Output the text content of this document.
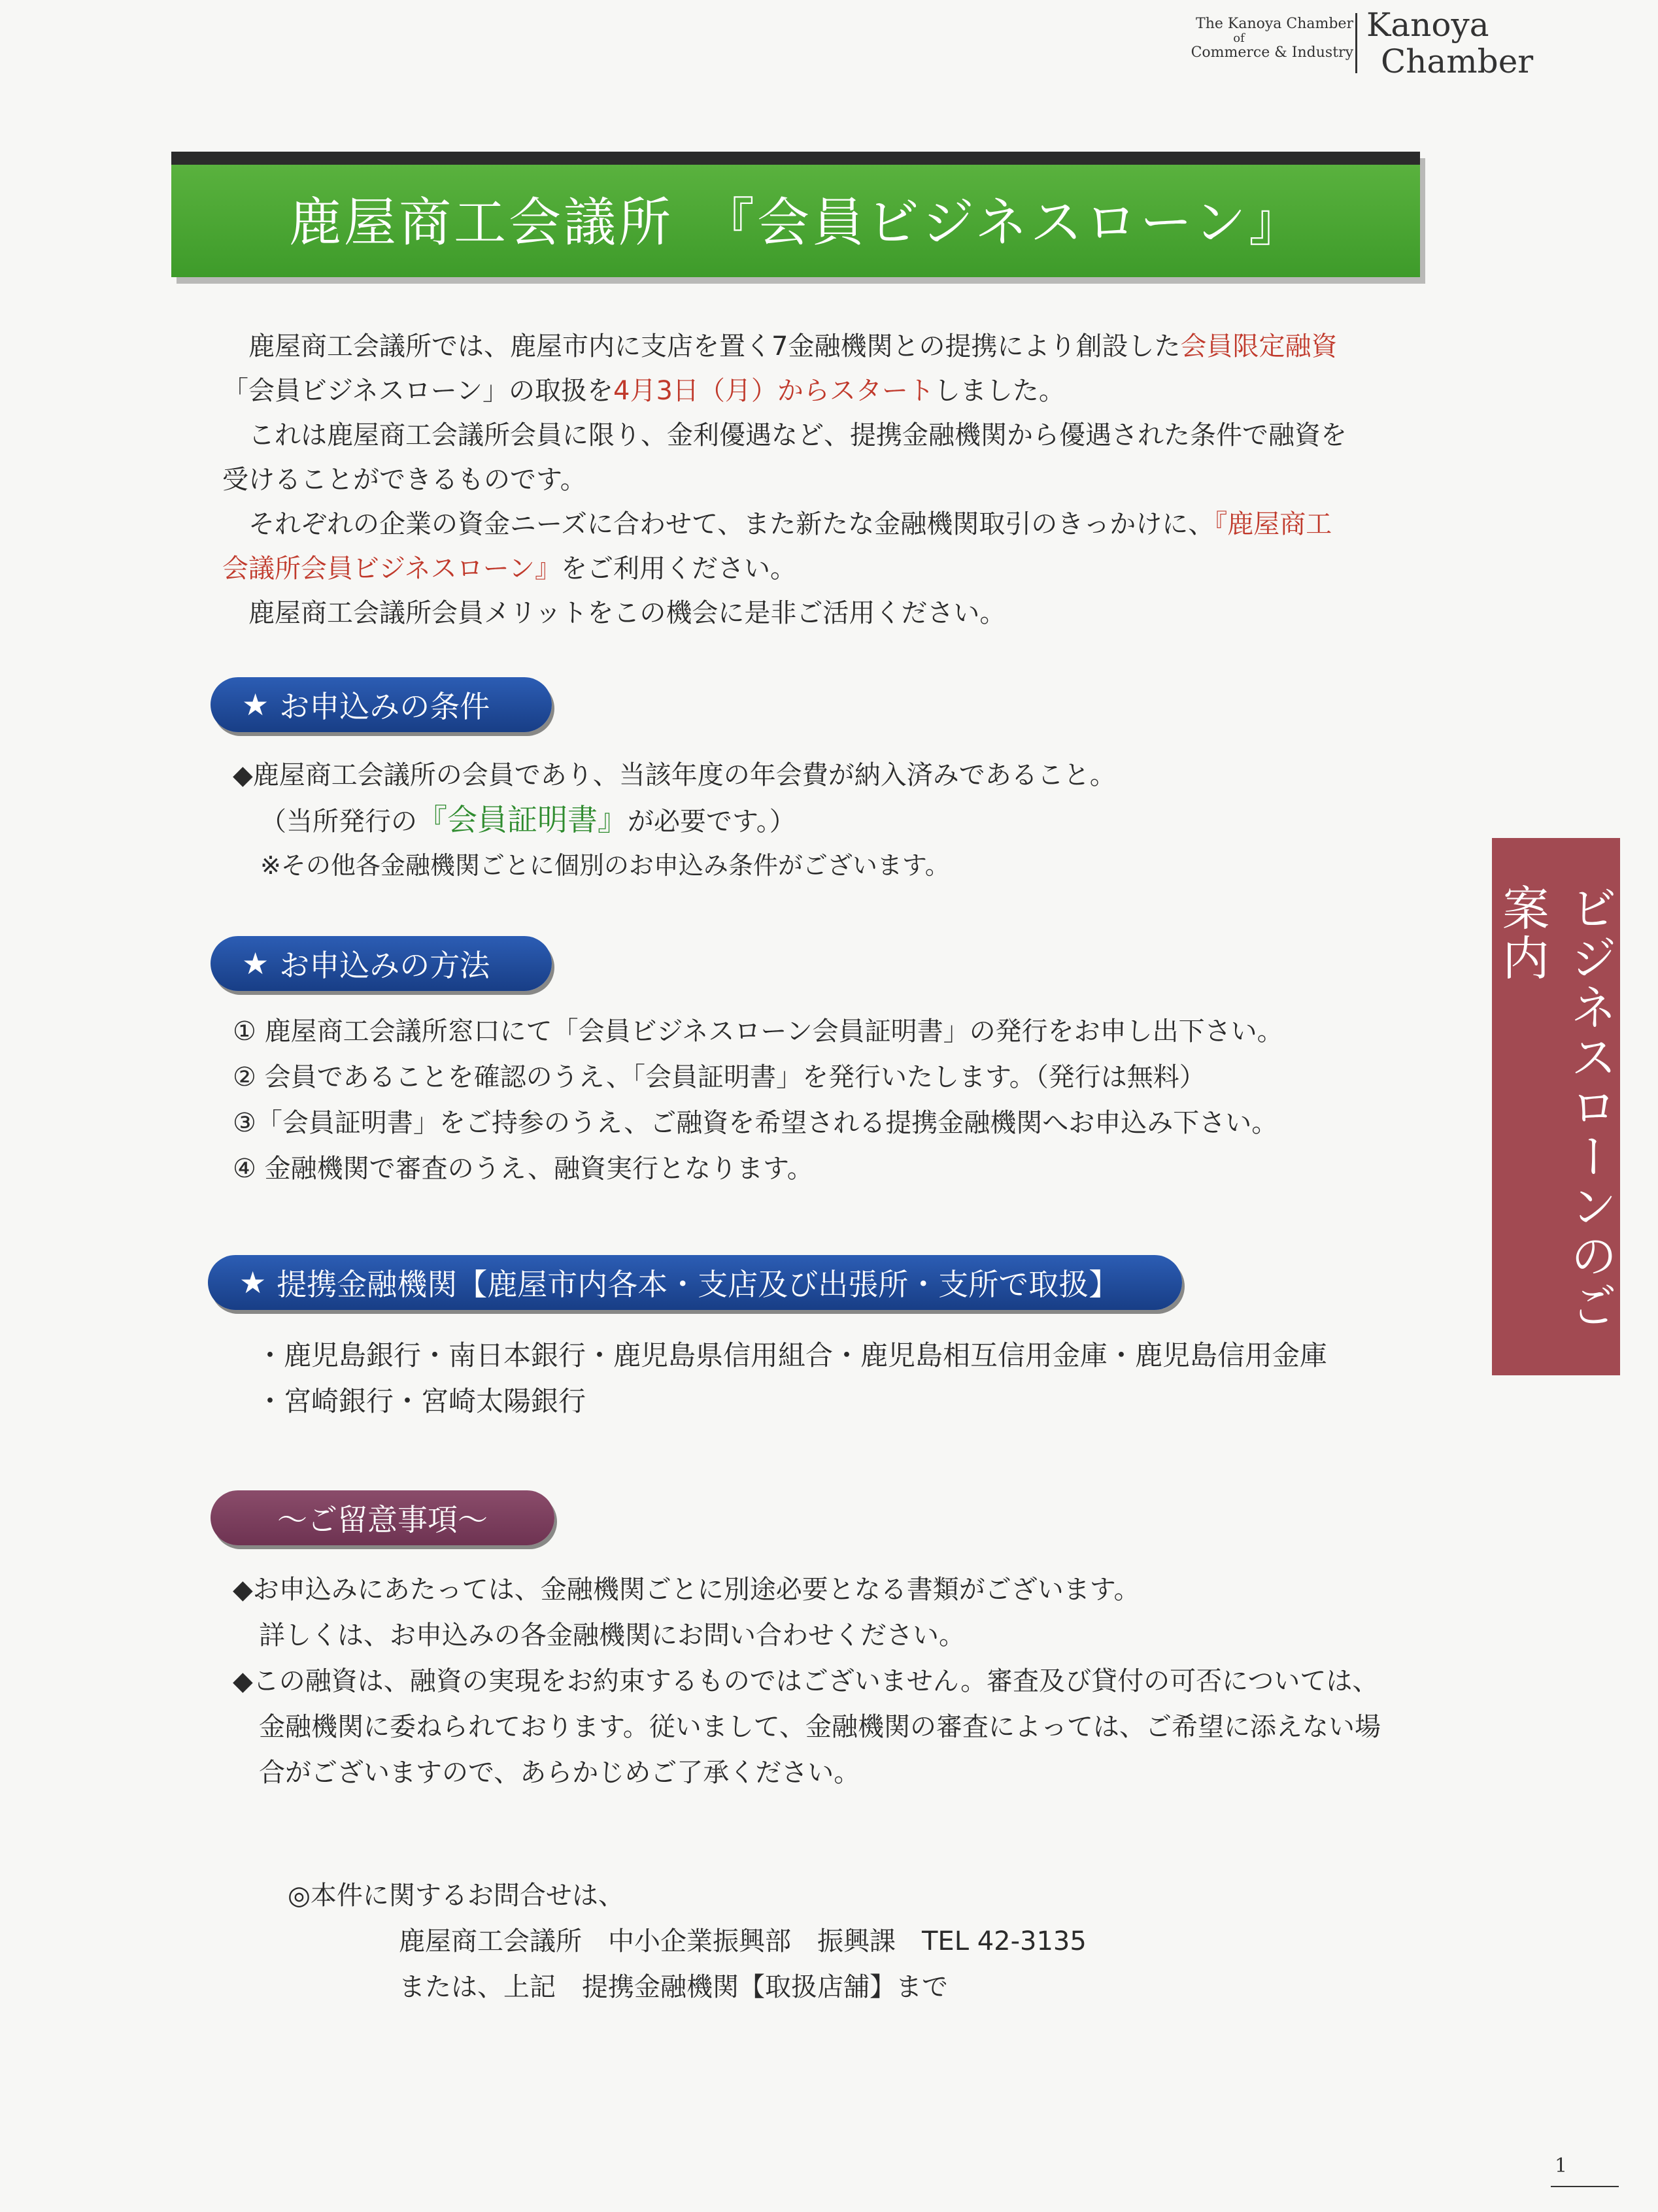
The Kanoya Chamber
of
Commerce & Industry
Kanoya
Chamber
鹿屋商工会議所　『会員ビジネスローン』
鹿屋商工会議所では、鹿屋市内に支店を置く7金融機関との提携により創設した会員限定融資
「会員ビジネスローン」の取扱を4月3日（月）からスタートしました。
これは鹿屋商工会議所会員に限り、金利優遇など、提携金融機関から優遇された条件で融資を
受けることができるものです。
それぞれの企業の資金ニーズに合わせて、また新たな金融機関取引のきっかけに、『鹿屋商工
会議所会員ビジネスローン』をご利用ください。
鹿屋商工会議所会員メリットをこの機会に是非ご活用ください。
★ お申込みの条件
◆鹿屋商工会議所の会員であり、当該年度の年会費が納入済みであること。
（当所発行の『会員証明書』が必要です。）
※その他各金融機関ごとに個別のお申込み条件がございます。
★ お申込みの方法
① 鹿屋商工会議所窓口にて「会員ビジネスローン会員証明書」の発行をお申し出下さい。
② 会員であることを確認のうえ、「会員証明書」を発行いたします。（発行は無料）
③「会員証明書」をご持参のうえ、ご融資を希望される提携金融機関へお申込み下さい。
④ 金融機関で審査のうえ、融資実行となります。
★ 提携金融機関【鹿屋市内各本・支店及び出張所・支所で取扱】
・鹿児島銀行・南日本銀行・鹿児島県信用組合・鹿児島相互信用金庫・鹿児島信用金庫
・宮崎銀行・宮崎太陽銀行
〜ご留意事項〜
◆お申込みにあたっては、金融機関ごとに別途必要となる書類がございます。
　詳しくは、お申込みの各金融機関にお問い合わせください。
◆この融資は、融資の実現をお約束するものではございません。審査及び貸付の可否については、
　金融機関に委ねられております。従いまして、金融機関の審査によっては、ご希望に添えない場
　合がございますので、あらかじめご了承ください。
◎本件に関するお問合せは、
鹿屋商工会議所　中小企業振興部　振興課　TEL 42-3135
または、上記　提携金融機関【取扱店舗】まで
ビジネスローンのご案内
1
